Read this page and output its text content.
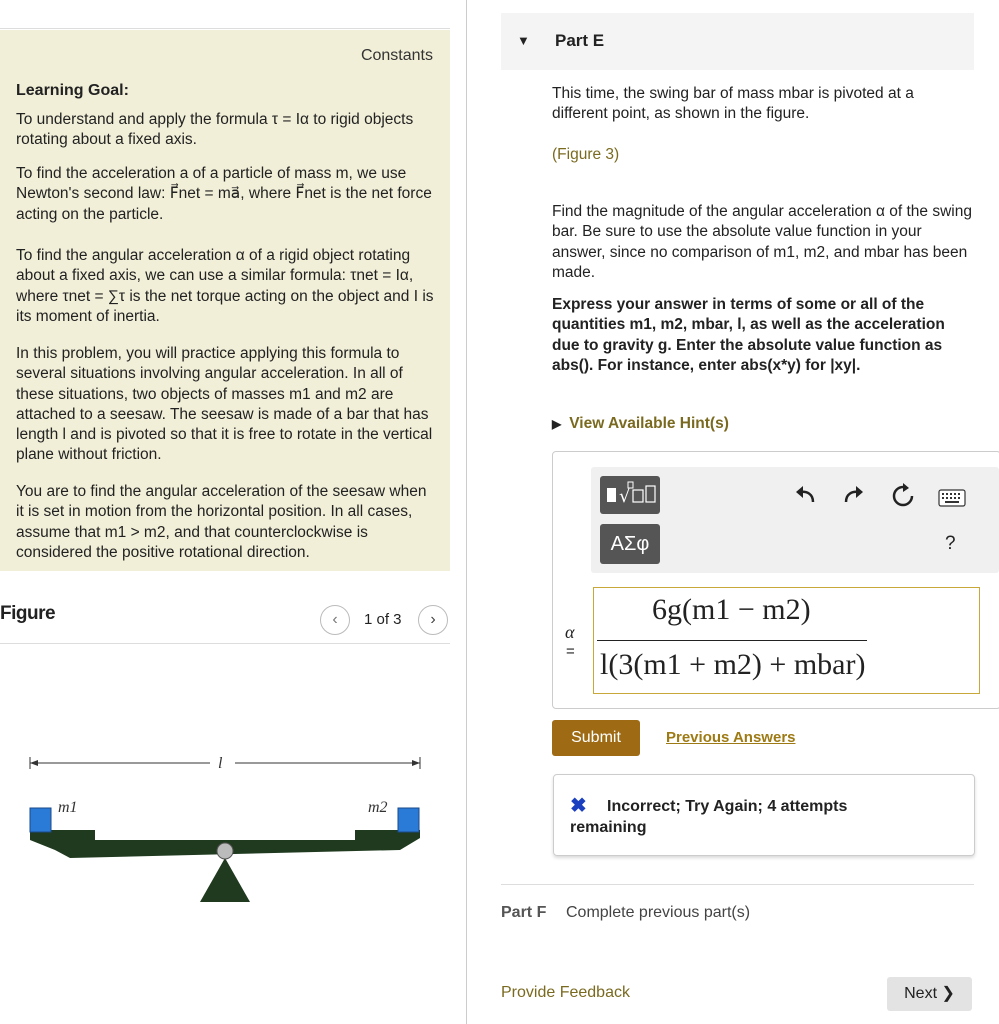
Constants
Learning Goal:

To understand and apply the formula τ = Iα to rigid objects rotating about a fixed axis.

To find the acceleration a of a particle of mass m, we use Newton's second law: F⃗net = ma⃗, where F⃗net is the net force acting on the particle.

To find the angular acceleration α of a rigid object rotating about a fixed axis, we can use a similar formula: τnet = Iα, where τnet = ∑τ is the net torque acting on the object and I is its moment of inertia.

In this problem, you will practice applying this formula to several situations involving angular acceleration. In all of these situations, two objects of masses m1 and m2 are attached to a seesaw. The seesaw is made of a bar that has length l and is pivoted so that it is free to rotate in the vertical plane without friction.

You are to find the angular acceleration of the seesaw when it is set in motion from the horizontal position. In all cases, assume that m1 > m2, and that counterclockwise is considered the positive rotational direction.

Figure	‹	1 of 3	›
l
m1	m2
▼ Part E

This time, the swing bar of mass mbar is pivoted at a different point, as shown in the figure.

(Figure 3)

Find the magnitude of the angular acceleration α of the swing bar. Be sure to use the absolute value function in your answer, since no comparison of m1, m2, and mbar has been made.

Express your answer in terms of some or all of the quantities m1, m2, mbar, l, as well as the acceleration due to gravity g. Enter the absolute value function as abs(). For instance, enter abs(x*y) for |xy|.

▶ View Available Hint(s)
√
ΑΣφ	?
α
=
6g(m1 − m2)
l(3(m1 + m2) + mbar)
Submit	Previous Answers
✖	Incorrect; Try Again; 4 attempts remaining
Part F Complete previous part(s)
Provide Feedback	Next ❯
